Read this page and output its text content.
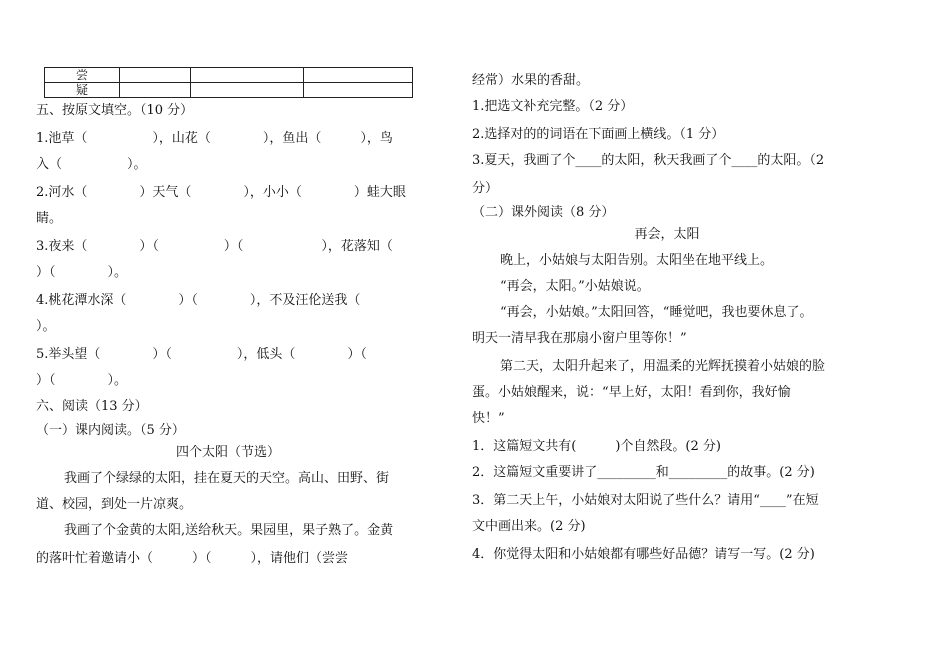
尝			
疑			
五、按原文填空。（10 分）
1.池草（　　　　　），山花（　　　　），鱼出（　　　），鸟
入（　　　　　）。
2.河水（　　　　）天气（　　　　），小小（　　　　）蛙大眼
睛。
3.夜来（　　　　）（　　　　　）（　　　　　　），花落知（
）（　　　　）。
4.桃花潭水深（　　　　）（　　　　），不及汪伦送我（
）。
5.举头望（　　　　）（　　　　　），低头（　　　　）（
）（　　　　）。
六、阅读（13 分）
（一）课内阅读。（5 分）
四个太阳（节选）
我画了个绿绿的太阳，挂在夏天的天空。高山、田野、街
道、校园，到处一片凉爽。
我画了个金黄的太阳,送给秋天。果园里，果子熟了。金黄
的落叶忙着邀请小（　　　）（　　　），请他们（尝尝
经常）水果的香甜。
1.把选文补充完整。（2 分）
2.选择对的的词语在下面画上横线。（1 分）
3.夏天，我画了个____的太阳，秋天我画了个____的太阳。（2
分）
（二）课外阅读（8 分）
再会，太阳
晚上，小姑娘与太阳告别。太阳坐在地平线上。
“再会，太阳。”小姑娘说。
“再会，小姑娘。”太阳回答，“睡觉吧，我也要休息了。
明天一清早我在那扇小窗户里等你！”
第二天，太阳升起来了，用温柔的光辉抚摸着小姑娘的脸
蛋。小姑娘醒来，说：“早上好，太阳！看到你，我好愉
快！”
1．这篇短文共有(　　　)个自然段。(2 分)
2．这篇短文重要讲了_________和_________的故事。(2 分)
3．第二天上午，小姑娘对太阳说了些什么？请用“____”在短
文中画出来。(2 分)
4．你觉得太阳和小姑娘都有哪些好品德？请写一写。(2 分)
